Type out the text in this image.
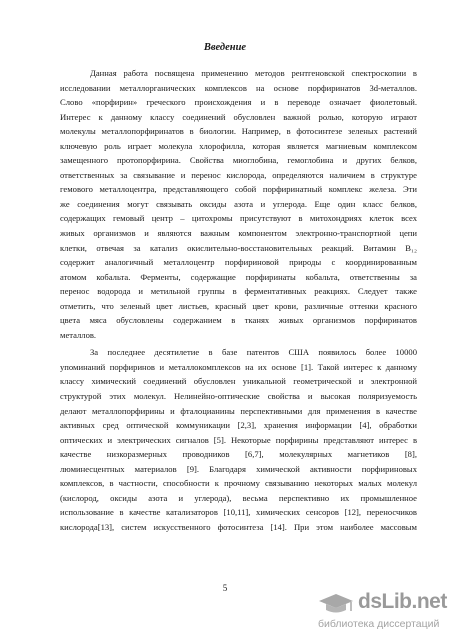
Введение
Данная работа посвящена применению методов рентгеновской спектроскопии в
исследовании металлорганических комплексов на основе порфиринатов 3d-металлов.
Слово «порфирин» греческого происхождения и в переводе означает фиолетовый.
Интерес к данному классу соединений обусловлен важной ролью, которую играют
молекулы металлопорфиринатов в биологии. Например, в фотосинтезе зеленых растений
ключевую роль играет молекула хлорофилла, которая является магниевым комплексом
замещенного протопорфирина. Свойства миоглобина, гемоглобина и других белков,
ответственных за связывание и перенос кислорода, определяются наличием в структуре
гемового металлоцентра, представляющего собой порфиринатный комплекс железа. Эти
же соединения могут связывать оксиды азота и углерода. Еще один класс белков,
содержащих гемовый центр – цитохромы присутствуют в митохондриях клеток всех
живых организмов и являются важным компонентом электронно-транспортной цепи
клетки, отвечая за катализ окислительно-восстановительных реакций. Витамин B₁₂
содержит аналогичный металлоцентр порфириновой природы с координированным
атомом кобальта. Ферменты, содержащие порфиринаты кобальта, ответственны за
перенос водорода и метильной группы в ферментативных реакциях. Следует также
отметить, что зеленый цвет листьев, красный цвет крови, различные оттенки красного
цвета мяса обусловлены содержанием в тканях живых организмов порфиринатов
металлов.
За последнее десятилетие в базе патентов США появилось более 10000
упоминаний порфиринов и металлокомплексов на их основе [1]. Такой интерес к данному
классу химический соединений обусловлен уникальной геометрической и электронной
структурой этих молекул. Нелинейно-оптические свойства и высокая поляризуемость
делают металлопорфирины и фталоцианины перспективными для применения в качестве
активных сред оптической коммуникации [2,3], хранения информации [4], обработки
оптических и электрических сигналов [5]. Некоторые порфирины представляют интерес в
качестве низкоразмерных проводников [6,7], молекулярных магнетиков [8],
люминесцентных материалов [9]. Благодаря химической активности порфириновых
комплексов, в частности, способности к прочному связыванию некоторых малых молекул
(кислород, оксиды азота и углерода), весьма перспективно их промышленное
использование в качестве катализаторов [10,11], химических сенсоров [12], переносчиков
кислорода[13], систем искусственного фотосинтеза [14]. При этом наиболее массовым
5
dsLib.net
библиотека диссертаций
